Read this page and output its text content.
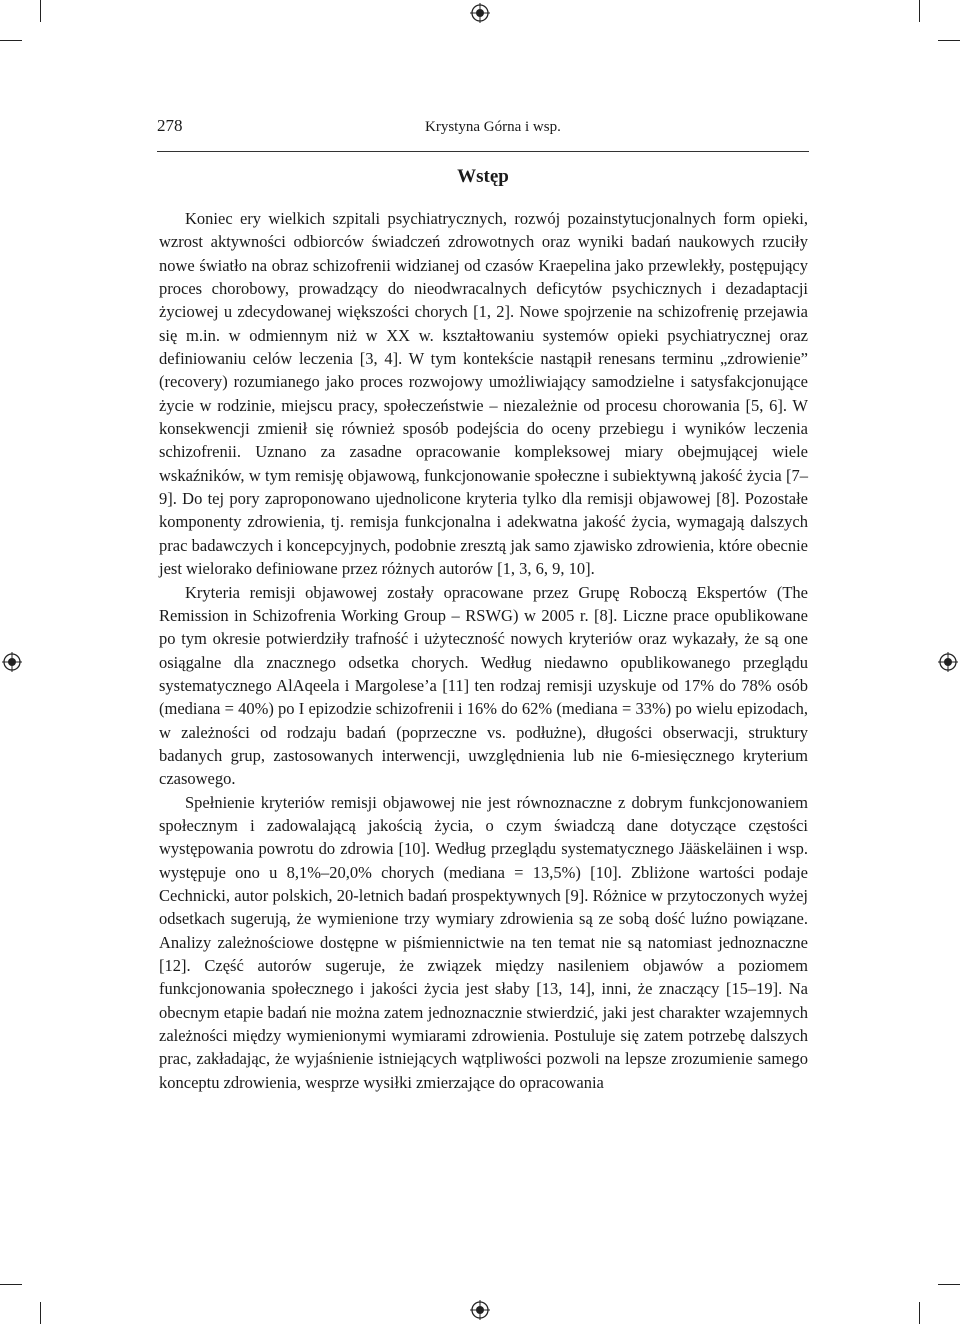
278	Krystyna Górna i wsp.
Wstęp

Koniec ery wielkich szpitali psychiatrycznych, rozwój pozainstytucjonalnych form opieki, wzrost aktywności odbiorców świadczeń zdrowotnych oraz wyniki badań naukowych rzuciły nowe światło na obraz schizofrenii widzianej od czasów Kraepelina jako przewlekły, postępujący proces chorobowy, prowadzący do nieodwracalnych deficytów psychicznych i dezadaptacji życiowej u zdecydowanej większości chorych [1, 2]. Nowe spojrzenie na schizofrenię przejawia się m.in. w odmiennym niż w XX w. kształtowaniu systemów opieki psychiatrycznej oraz definiowaniu celów leczenia [3, 4]. W tym kontekście nastąpił renesans terminu „zdrowienie” (recovery) rozumianego jako proces rozwojowy umożliwiający samodzielne i satysfakcjonujące życie w rodzinie, miejscu pracy, społeczeństwie – niezależnie od procesu chorowania [5, 6]. W konsekwencji zmienił się również sposób podejścia do oceny przebiegu i wyników leczenia schizofrenii. Uznano za zasadne opracowanie kompleksowej miary obejmującej wiele wskaźników, w tym remisję objawową, funkcjonowanie społeczne i subiektywną jakość życia [7–9]. Do tej pory zaproponowano ujednolicone kryteria tylko dla remisji objawowej [8]. Pozostałe komponenty zdrowienia, tj. remisja funkcjonalna i adekwatna jakość życia, wymagają dalszych prac badawczych i koncepcyjnych, podobnie zresztą jak samo zjawisko zdrowienia, które obecnie jest wielorako definiowane przez różnych autorów [1, 3, 6, 9, 10].

Kryteria remisji objawowej zostały opracowane przez Grupę Roboczą Ekspertów (The Remission in Schizofrenia Working Group – RSWG) w 2005 r. [8]. Liczne prace opublikowane po tym okresie potwierdziły trafność i użyteczność nowych kryteriów oraz wykazały, że są one osiągalne dla znacznego odsetka chorych. Według niedawno opublikowanego przeglądu systematycznego AlAqeela i Margolese’a [11] ten rodzaj remisji uzyskuje od 17% do 78% osób (mediana = 40%) po I epizodzie schizofrenii i 16% do 62% (mediana = 33%) po wielu epizodach, w zależności od rodzaju badań (poprzeczne vs. podłużne), długości obserwacji, struktury badanych grup, zastosowanych interwencji, uwzględnienia lub nie 6-miesięcznego kryterium czasowego.

Spełnienie kryteriów remisji objawowej nie jest równoznaczne z dobrym funkcjonowaniem społecznym i zadowalającą jakością życia, o czym świadczą dane dotyczące częstości występowania powrotu do zdrowia [10]. Według przeglądu systematycznego Jääskeläinen i wsp. występuje ono u 8,1%–20,0% chorych (mediana = 13,5%) [10]. Zbliżone wartości podaje Cechnicki, autor polskich, 20-letnich badań prospektywnych [9]. Różnice w przytoczonych wyżej odsetkach sugerują, że wymienione trzy wymiary zdrowienia są ze sobą dość luźno powiązane. Analizy zależnościowe dostępne w piśmiennictwie na ten temat nie są natomiast jednoznaczne [12]. Część autorów sugeruje, że związek między nasileniem objawów a poziomem funkcjonowania społecznego i jakości życia jest słaby [13, 14], inni, że znaczący [15–19]. Na obecnym etapie badań nie można zatem jednoznacznie stwierdzić, jaki jest charakter wzajemnych zależności między wymienionymi wymiarami zdrowienia. Postuluje się zatem potrzebę dalszych prac, zakładając, że wyjaśnienie istniejących wątpliwości pozwoli na lepsze zrozumienie samego konceptu zdrowienia, wesprze wysiłki zmierzające do opracowania
